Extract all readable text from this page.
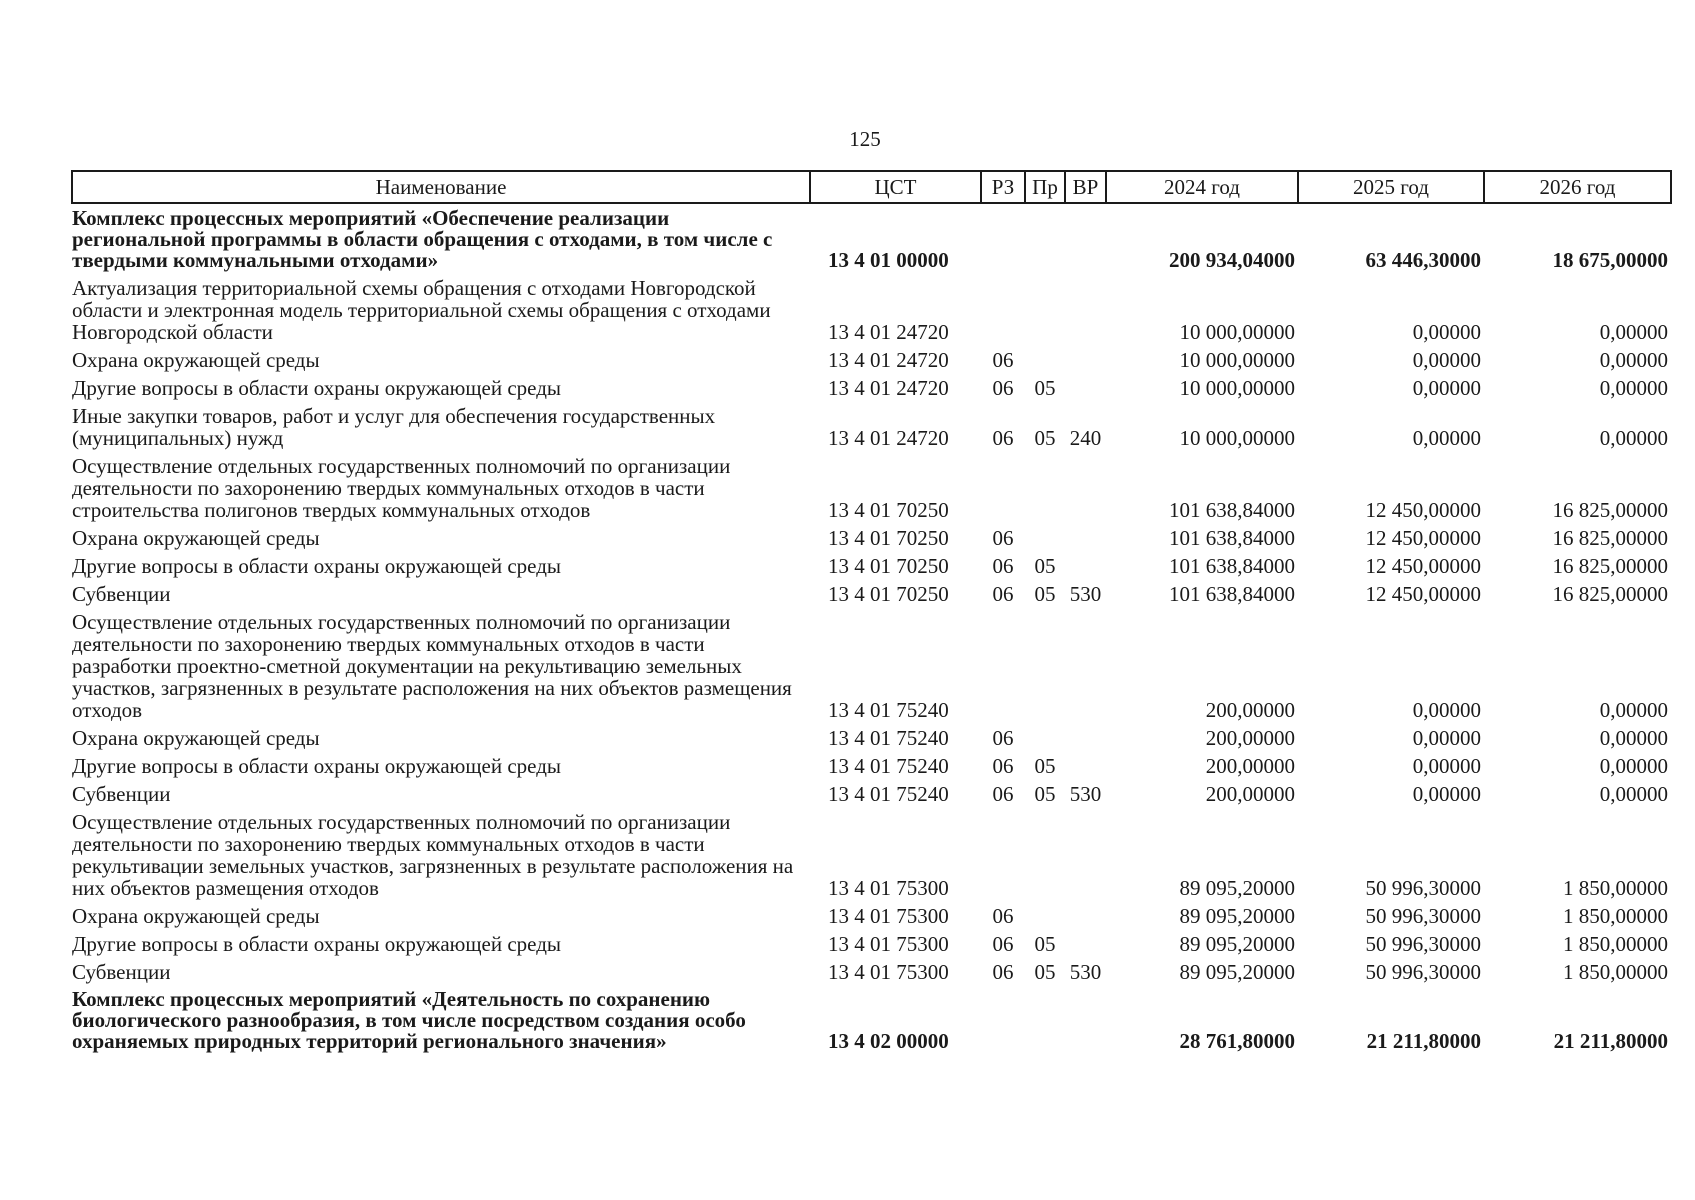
125
Наименование	ЦСТ	РЗ	Пр	ВР	2024 год	2025 год	2026 год
Комплекс процессных мероприятий «Обеспечение реализации региональной программы в области обращения с отходами, в том числе с твердыми коммунальными отходами»	13 4 01 00000				200 934,04000	63 446,30000	18 675,00000
Актуализация территориальной схемы обращения с отходами Новгородской области и электронная модель территориальной схемы обращения с отходами Новгородской области	13 4 01 24720				10 000,00000	0,00000	0,00000
Охрана окружающей среды	13 4 01 24720	06			10 000,00000	0,00000	0,00000
Другие вопросы в области охраны окружающей среды	13 4 01 24720	06	05		10 000,00000	0,00000	0,00000
Иные закупки товаров, работ и услуг для обеспечения государственных (муниципальных) нужд	13 4 01 24720	06	05	240	10 000,00000	0,00000	0,00000
Осуществление отдельных государственных полномочий по организации деятельности по захоронению твердых коммунальных отходов в части строительства полигонов твердых коммунальных отходов	13 4 01 70250				101 638,84000	12 450,00000	16 825,00000
Охрана окружающей среды	13 4 01 70250	06			101 638,84000	12 450,00000	16 825,00000
Другие вопросы в области охраны окружающей среды	13 4 01 70250	06	05		101 638,84000	12 450,00000	16 825,00000
Субвенции	13 4 01 70250	06	05	530	101 638,84000	12 450,00000	16 825,00000
Осуществление отдельных государственных полномочий по организации деятельности по захоронению твердых коммунальных отходов в части разработки проектно-сметной документации на рекультивацию земельных участков, загрязненных в результате расположения на них объектов размещения отходов	13 4 01 75240				200,00000	0,00000	0,00000
Охрана окружающей среды	13 4 01 75240	06			200,00000	0,00000	0,00000
Другие вопросы в области охраны окружающей среды	13 4 01 75240	06	05		200,00000	0,00000	0,00000
Субвенции	13 4 01 75240	06	05	530	200,00000	0,00000	0,00000
Осуществление отдельных государственных полномочий по организации деятельности по захоронению твердых коммунальных отходов в части рекультивации земельных участков, загрязненных в результате расположения на них объектов размещения отходов	13 4 01 75300				89 095,20000	50 996,30000	1 850,00000
Охрана окружающей среды	13 4 01 75300	06			89 095,20000	50 996,30000	1 850,00000
Другие вопросы в области охраны окружающей среды	13 4 01 75300	06	05		89 095,20000	50 996,30000	1 850,00000
Субвенции	13 4 01 75300	06	05	530	89 095,20000	50 996,30000	1 850,00000
Комплекс процессных мероприятий «Деятельность по сохранению биологического разнообразия, в том числе посредством создания особо охраняемых природных территорий регионального значения»	13 4 02 00000				28 761,80000	21 211,80000	21 211,80000
